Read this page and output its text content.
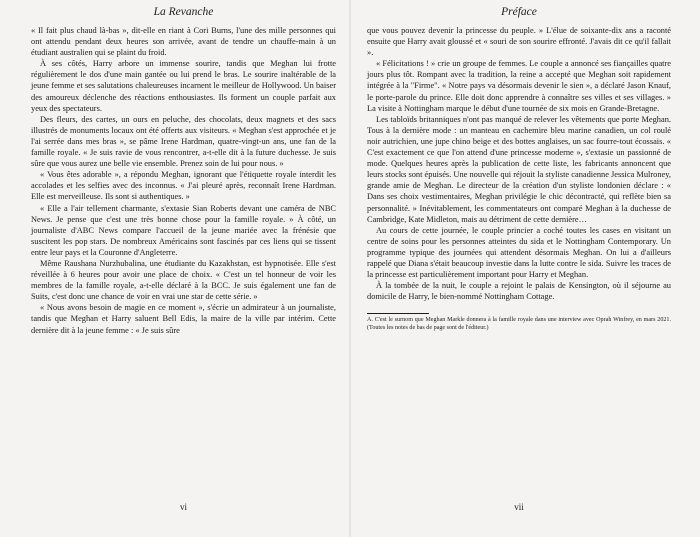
La Revanche

« Il fait plus chaud là-bas », dit-elle en riant à Cori Burns, l'une des mille personnes qui ont attendu pendant deux heures son arrivée, avant de tendre un chauffe-main à un étudiant australien qui se plaint du froid.

À ses côtés, Harry arbore un immense sourire, tandis que Meghan lui frotte régulièrement le dos d'une main gantée ou lui prend le bras. Le sourire inaltérable de la jeune femme et ses salutations chaleureuses incarnent le meilleur de Hollywood. Un baiser des amoureux déclenche des réactions enthousiastes. Ils forment un couple parfait aux yeux des spectateurs.

Des fleurs, des cartes, un ours en peluche, des chocolats, deux magnets et des sacs illustrés de monuments locaux ont été offerts aux visiteurs. « Meghan s'est approchée et je l'ai serrée dans mes bras », se pâme Irene Hardman, quatre-vingt-un ans, une fan de la famille royale. « Je suis ravie de vous rencontrer, a-t-elle dit à la future duchesse. Je suis sûre que vous aurez une belle vie ensemble. Prenez soin de lui pour nous. »

« Vous êtes adorable », a répondu Meghan, ignorant que l'étiquette royale interdit les accolades et les selfies avec des inconnus. « J'ai pleuré après, reconnaît Irene Hardman. Elle est merveilleuse. Ils sont si authentiques. »

« Elle a l'air tellement charmante, s'extasie Sian Roberts devant une caméra de NBC News. Je pense que c'est une très bonne chose pour la famille royale. » À côté, un journaliste d'ABC News compare l'accueil de la jeune mariée avec la frénésie que suscitent les pop stars. De nombreux Américains sont fascinés par ces liens qui se tissent entre leur pays et la Couronne d'Angleterre.

Même Raushana Nurzhubalina, une étudiante du Kazakhstan, est hypnotisée. Elle s'est réveillée à 6 heures pour avoir une place de choix. « C'est un tel honneur de voir les membres de la famille royale, a-t-elle déclaré à la BCC. Je suis également une fan de Suits, c'est donc une chance de voir en vrai une star de cette série. »

« Nous avons besoin de magie en ce moment », s'écrie un admirateur à un journaliste, tandis que Meghan et Harry saluent Bell Edis, la maire de la ville par intérim. Cette dernière dit à la jeune femme : « Je suis sûre

vi
Préface

que vous pouvez devenir la princesse du peuple. » L'élue de soixante-dix ans a raconté ensuite que Harry avait gloussé et « souri de son sourire effronté. J'avais dit ce qu'il fallait ».

« Félicitations ! » crie un groupe de femmes. Le couple a annoncé ses fiançailles quatre jours plus tôt. Rompant avec la tradition, la reine a accepté que Meghan soit rapidement intégrée à la "Firme". « Notre pays va désormais devenir le sien », a déclaré Jason Knauf, le porte-parole du prince. Elle doit donc apprendre à connaître ses villes et ses villages. » La visite à Nottingham marque le début d'une tournée de six mois en Grande-Bretagne.

Les tabloïds britanniques n'ont pas manqué de relever les vêtements que porte Meghan. Tous à la dernière mode : un manteau en cachemire bleu marine canadien, un col roulé noir autrichien, une jupe chino beige et des bottes anglaises, un sac fourre-tout écossais. « C'est exactement ce que l'on attend d'une princesse moderne », s'extasie un passionné de mode. Quelques heures après la publication de cette liste, les fabricants annoncent que leurs stocks sont épuisés. Une nouvelle qui réjouit la styliste canadienne Jessica Mulroney, grande amie de Meghan. Le directeur de la création d'un styliste londonien déclare : « Dans ses choix vestimentaires, Meghan privilégie le chic décontracté, qui reflète bien sa personnalité. » Inévitablement, les commentateurs ont comparé Meghan à la duchesse de Cambridge, Kate Midleton, mais au détriment de cette dernière…

Au cours de cette journée, le couple princier a coché toutes les cases en visitant un centre de soins pour les personnes atteintes du sida et le Nottingham Contemporary. Un programme typique des journées qui attendent désormais Meghan. On lui a d'ailleurs rappelé que Diana s'était beaucoup investie dans la lutte contre le sida. Suivre les traces de la princesse est particulièrement important pour Harry et Meghan.

À la tombée de la nuit, le couple a rejoint le palais de Kensington, où il séjourne au domicile de Harry, le bien-nommé Nottingham Cottage.

A. C'est le surnom que Meghan Markle donnera à la famille royale dans une interview avec Oprah Winfrey, en mars 2021. (Toutes les notes de bas de page sont de l'éditeur.)

vii
